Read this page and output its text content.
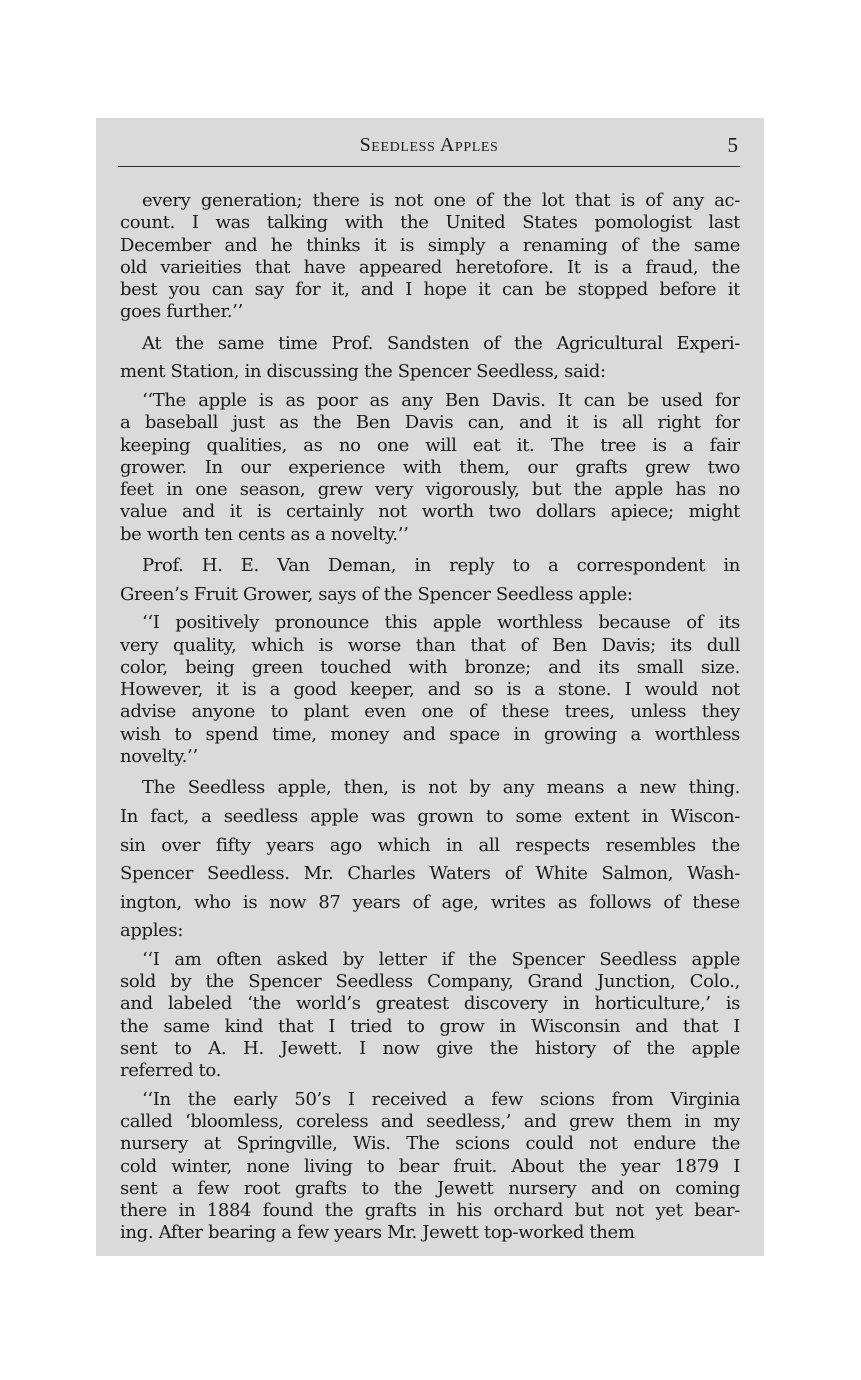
Seedless Apples	5
every generation; there is not one of the lot that is of any ac-
count. I was talking with the United States pomologist last
December and he thinks it is simply a renaming of the same
old varieities that have appeared heretofore. It is a fraud, the
best you can say for it, and I hope it can be stopped before it
goes further.’’
At the same time Prof. Sandsten of the Agricultural Experi-
ment Station, in discussing the Spencer Seedless, said:
‘‘The apple is as poor as any Ben Davis. It can be used for
a baseball just as the Ben Davis can, and it is all right for
keeping qualities, as no one will eat it. The tree is a fair
grower. In our experience with them, our grafts grew two
feet in one season, grew very vigorously, but the apple has no
value and it is certainly not worth two dollars apiece; might
be worth ten cents as a novelty.’’
Prof. H. E. Van Deman, in reply to a correspondent in
Green’s Fruit Grower, says of the Spencer Seedless apple:
‘‘I positively pronounce this apple worthless because of its
very quality, which is worse than that of Ben Davis; its dull
color, being green touched with bronze; and its small size.
However, it is a good keeper, and so is a stone. I would not
advise anyone to plant even one of these trees, unless they
wish to spend time, money and space in growing a worthless
novelty.’’
The Seedless apple, then, is not by any means a new thing.
In fact, a seedless apple was grown to some extent in Wiscon-
sin over fifty years ago which in all respects resembles the
Spencer Seedless. Mr. Charles Waters of White Salmon, Wash-
ington, who is now 87 years of age, writes as follows of these
apples:
‘‘I am often asked by letter if the Spencer Seedless apple
sold by the Spencer Seedless Company, Grand Junction, Colo.,
and labeled ‘the world’s greatest discovery in horticulture,’ is
the same kind that I tried to grow in Wisconsin and that I
sent to A. H. Jewett. I now give the history of the apple
referred to.
‘‘In the early 50’s I received a few scions from Virginia
called ‘bloomless, coreless and seedless,’ and grew them in my
nursery at Springville, Wis. The scions could not endure the
cold winter, none living to bear fruit. About the year 1879 I
sent a few root grafts to the Jewett nursery and on coming
there in 1884 found the grafts in his orchard but not yet bear-
ing. After bearing a few years Mr. Jewett top-worked them
